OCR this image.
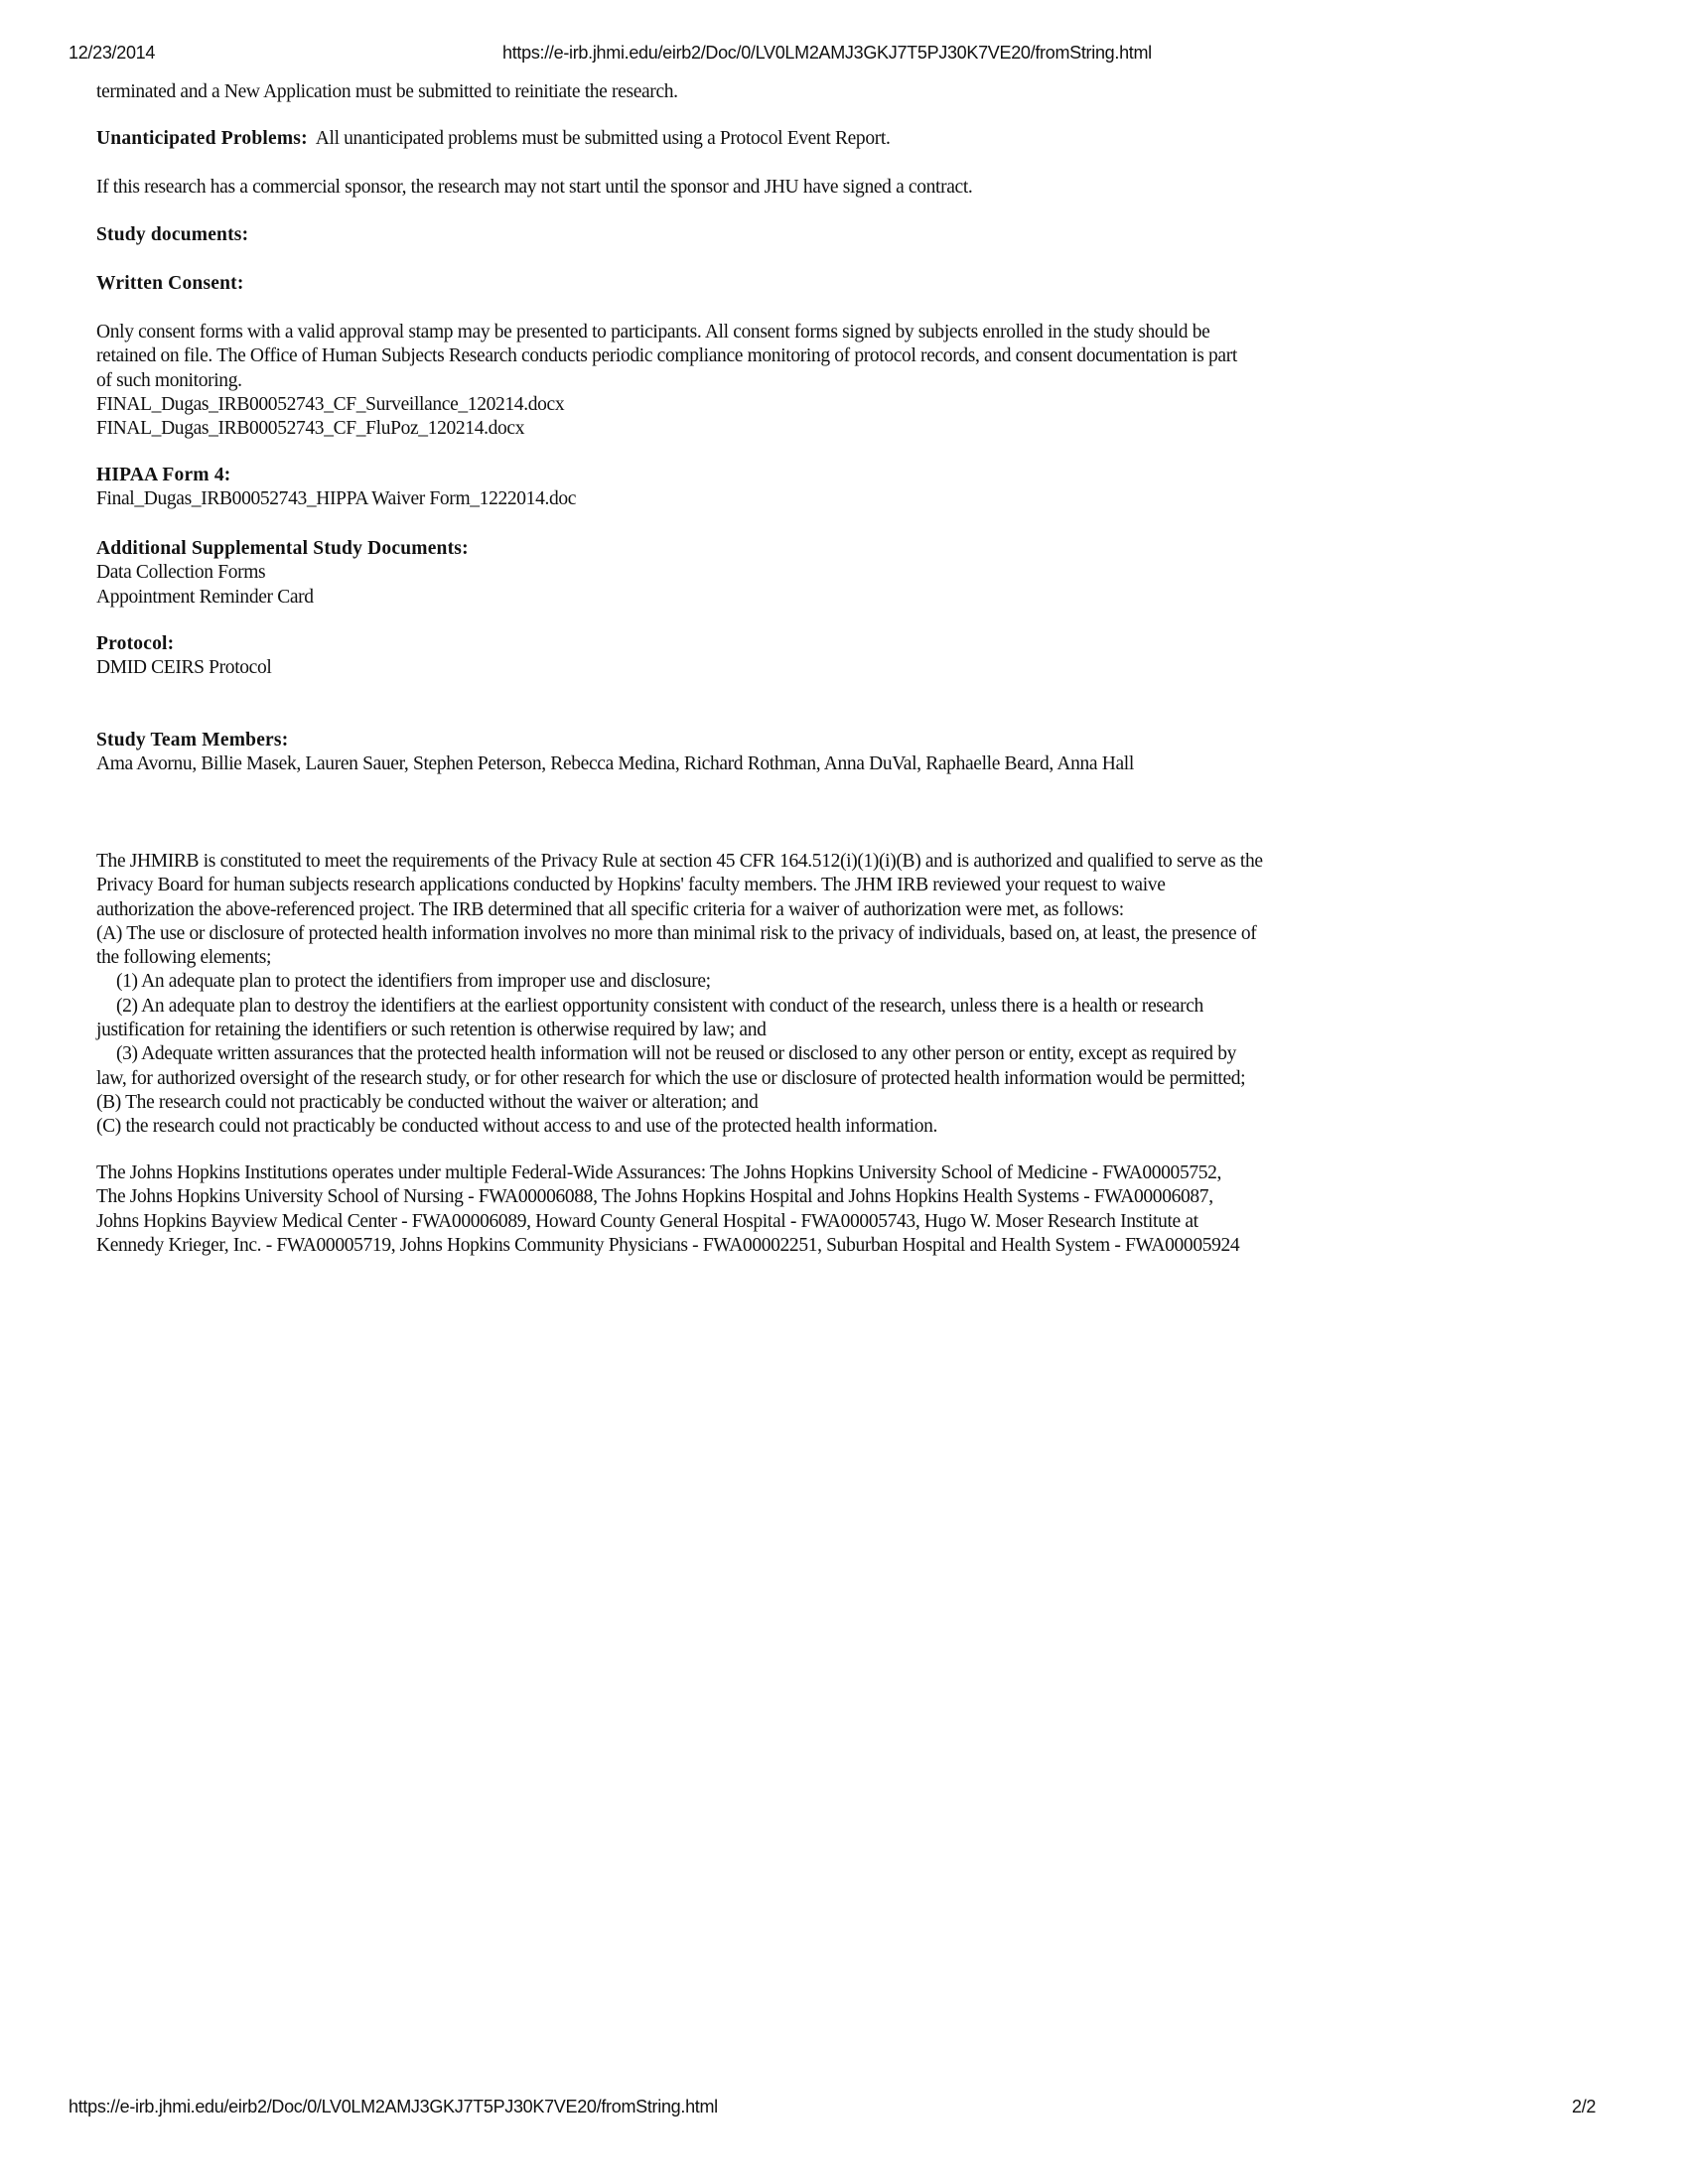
12/23/2014	https://e-irb.jhmi.edu/eirb2/Doc/0/LV0LM2AMJ3GKJ7T5PJ30K7VE20/fromString.html
terminated and a New Application must be submitted to reinitiate the research.
Unanticipated Problems: All unanticipated problems must be submitted using a Protocol Event Report.
If this research has a commercial sponsor, the research may not start until the sponsor and JHU have signed a contract.
Study documents:
Written Consent:
Only consent forms with a valid approval stamp may be presented to participants. All consent forms signed by subjects enrolled in the study should be
retained on file. The Office of Human Subjects Research conducts periodic compliance monitoring of protocol records, and consent documentation is part
of such monitoring.
FINAL_Dugas_IRB00052743_CF_Surveillance_120214.docx
FINAL_Dugas_IRB00052743_CF_FluPoz_120214.docx
HIPAA Form 4:
Final_Dugas_IRB00052743_HIPPA Waiver Form_1222014.doc
Additional Supplemental Study Documents:
Data Collection Forms
Appointment Reminder Card
Protocol:
DMID CEIRS Protocol
Study Team Members:
Ama Avornu, Billie Masek, Lauren Sauer, Stephen Peterson, Rebecca Medina, Richard Rothman, Anna DuVal, Raphaelle Beard, Anna Hall
The JHMIRB is constituted to meet the requirements of the Privacy Rule at section 45 CFR 164.512(i)(1)(i)(B) and is authorized and qualified to serve as the
Privacy Board for human subjects research applications conducted by Hopkins' faculty members. The JHM IRB reviewed your request to waive
authorization the above-referenced project. The IRB determined that all specific criteria for a waiver of authorization were met, as follows:
(A) The use or disclosure of protected health information involves no more than minimal risk to the privacy of individuals, based on, at least, the presence of
the following elements;
(1) An adequate plan to protect the identifiers from improper use and disclosure;
(2) An adequate plan to destroy the identifiers at the earliest opportunity consistent with conduct of the research, unless there is a health or research
justification for retaining the identifiers or such retention is otherwise required by law; and
(3) Adequate written assurances that the protected health information will not be reused or disclosed to any other person or entity, except as required by
law, for authorized oversight of the research study, or for other research for which the use or disclosure of protected health information would be permitted;
(B) The research could not practicably be conducted without the waiver or alteration; and
(C) the research could not practicably be conducted without access to and use of the protected health information.
The Johns Hopkins Institutions operates under multiple Federal-Wide Assurances: The Johns Hopkins University School of Medicine - FWA00005752,
The Johns Hopkins University School of Nursing - FWA00006088, The Johns Hopkins Hospital and Johns Hopkins Health Systems - FWA00006087,
Johns Hopkins Bayview Medical Center - FWA00006089, Howard County General Hospital - FWA00005743, Hugo W. Moser Research Institute at
Kennedy Krieger, Inc. - FWA00005719, Johns Hopkins Community Physicians - FWA00002251, Suburban Hospital and Health System - FWA00005924
https://e-irb.jhmi.edu/eirb2/Doc/0/LV0LM2AMJ3GKJ7T5PJ30K7VE20/fromString.html	2/2
